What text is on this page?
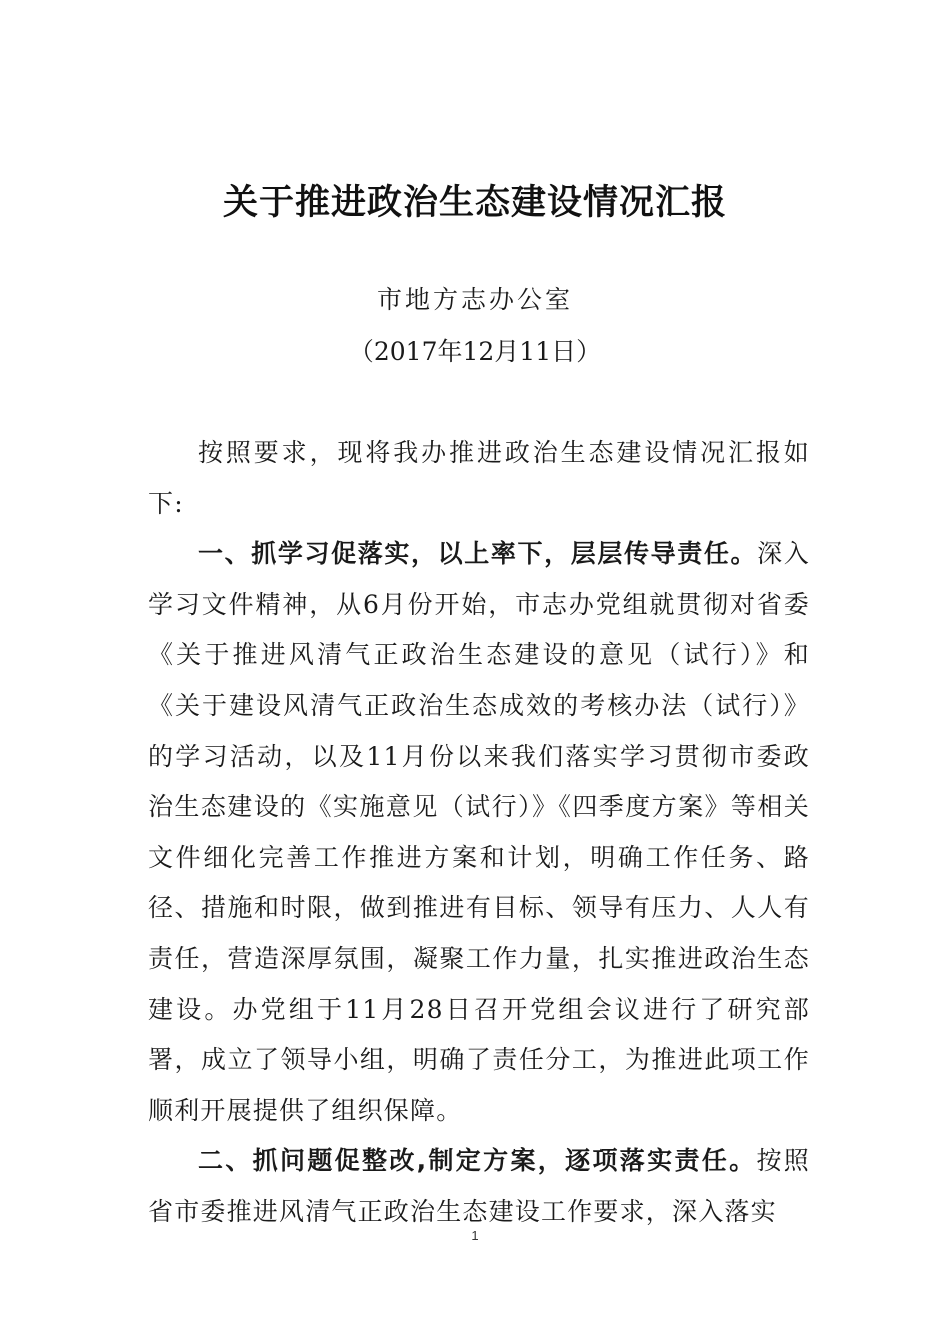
关于推进政治生态建设情况汇报
市地方志办公室
（2017年12月11日）

按照要求，现将我办推进政治生态建设情况汇报如下:

一、抓学习促落实，以上率下，层层传导责任。深入学习文件精神，从6月份开始，市志办党组就贯彻对省委《关于推进风清气正政治生态建设的意见（试行）》和《关于建设风清气正政治生态成效的考核办法（试行）》的学习活动，以及11月份以来我们落实学习贯彻市委政治生态建设的《实施意见（试行）》《四季度方案》等相关文件细化完善工作推进方案和计划，明确工作任务、路径、措施和时限，做到推进有目标、领导有压力、人人有责任，营造深厚氛围，凝聚工作力量，扎实推进政治生态建设。办党组于11月28日召开党组会议进行了研究部署，成立了领导小组，明确了责任分工，为推进此项工作顺利开展提供了组织保障。

二、抓问题促整改,制定方案，逐项落实责任。按照省市委推进风清气正政治生态建设工作要求，深入落实

1
